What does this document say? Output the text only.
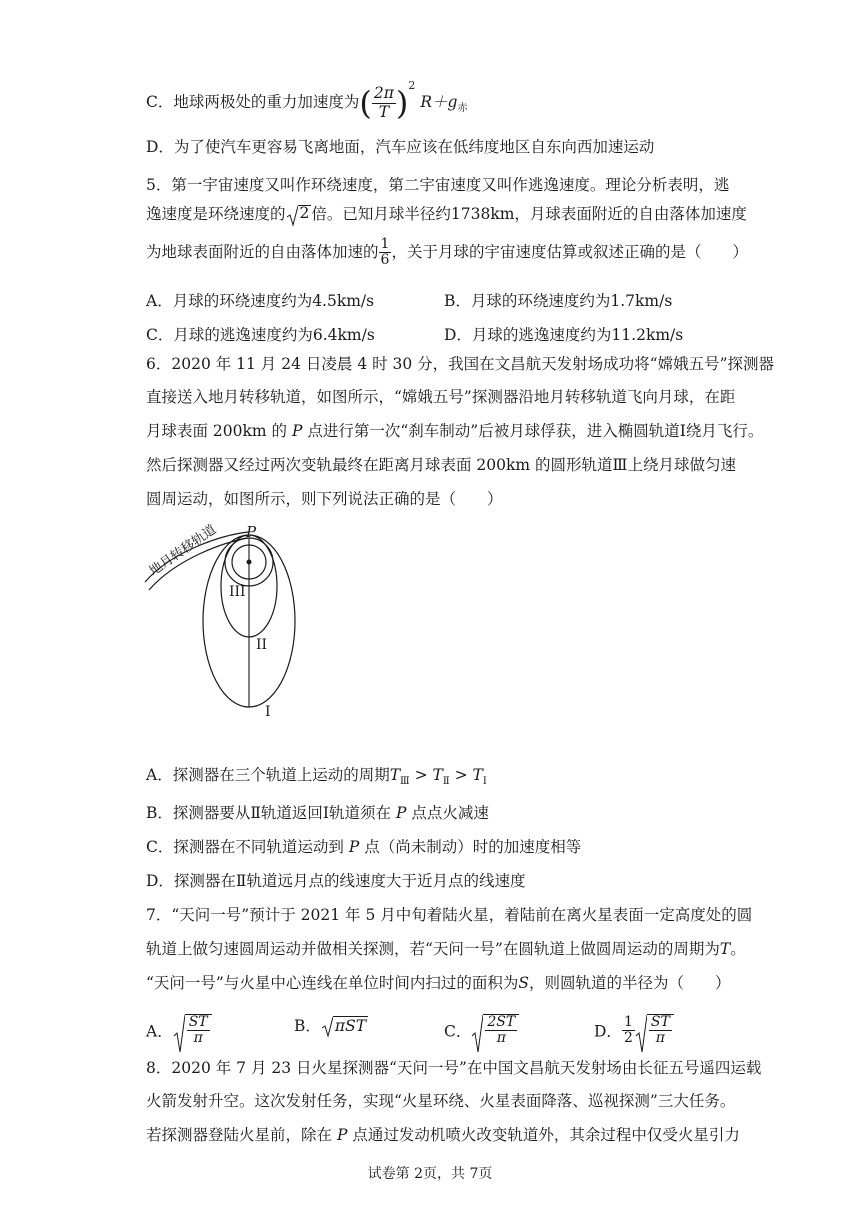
C．地球两极处的重力加速度为( $\frac{2\pi}{T} )^2$ $R+g_赤$
D．为了使汽车更容易飞离地面，汽车应该在低纬度地区自东向西加速运动
5．第一宇宙速度又叫作环绕速度，第二宇宙速度又叫作逃逸速度。理论分析表明，逃
逸速度是环绕速度的 2 倍。已知月球半径约1738km，月球表面附近的自由落体加速度
为地球表面附近的自由落体加速的 $\frac{1}{6}$ ，关于月球的宇宙速度估算或叙述正确的是（　　）
A．月球的环绕速度约为4.5km/s	B．月球的环绕速度约为1.7km/s
C．月球的逃逸速度约为6.4km/s	D．月球的逃逸速度约为11.2km/s
6．2020 年 11 月 24 日凌晨 4 时 30 分，我国在文昌航天发射场成功将“嫦娥五号”探测器
直接送入地月转移轨道，如图所示，“嫦娥五号”探测器沿地月转移轨道飞向月球，在距
月球表面 200km 的 P 点进行第一次“刹车制动”后被月球俘获，进入椭圆轨道Ⅰ绕月飞行。
然后探测器又经过两次变轨最终在距离月球表面 200km 的圆形轨道Ⅲ上绕月球做匀速
圆周运动，如图所示，则下列说法正确的是（　　）
地月转移轨道 P
I
II
III
A．探测器在三个轨道上运动的周期$T_Ⅲ > T_Ⅱ > T_Ⅰ$
B．探测器要从Ⅱ轨道返回Ⅰ轨道须在 P 点点火减速
C．探测器在不同轨道运动到 P 点（尚未制动）时的加速度相等
D．探测器在Ⅱ轨道远月点的线速度大于近月点的线速度
7．“天问一号”预计于 2021 年 5 月中旬着陆火星，着陆前在离火星表面一定高度处的圆
轨道上做匀速圆周运动并做相关探测，若“天问一号”在圆轨道上做圆周运动的周期为T。
“天问一号”与火星中心连线在单位时间内扫过的面积为S，则圆轨道的半径为（　　）
A． $\frac{ST}{\pi}$	B． πST	C． $\frac{2ST}{\pi}$	D． $\frac{1}{2} \frac{ST}{\pi}$
8．2020 年 7 月 23 日火星探测器“天问一号”在中国文昌航天发射场由长征五号遥四运载
火箭发射升空。这次发射任务，实现“火星环绕、火星表面降落、巡视探测”三大任务。
若探测器登陆火星前，除在 P 点通过发动机喷火改变轨道外，其余过程中仅受火星引力
试卷第 2页，共 7页
